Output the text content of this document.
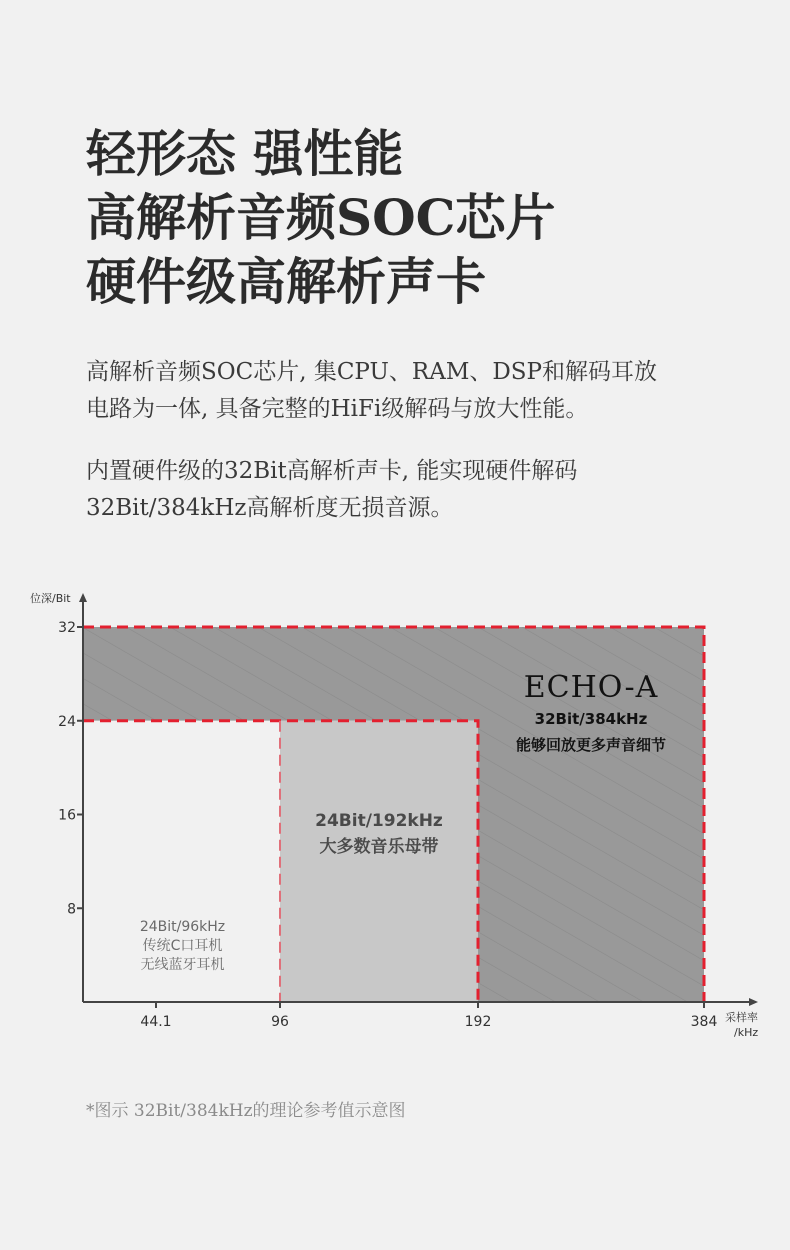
轻形态 强性能
高解析音频SOC芯片
硬件级高解析声卡
高解析音频SOC芯片, 集CPU、RAM、DSP和解码耳放
电路为一体, 具备完整的HiFi级解码与放大性能。
内置硬件级的32Bit高解析声卡, 能实现硬件解码
32Bit/384kHz高解析度无损音源。
32
24
16
8
44.1	96	192	384
位深/Bit
采样率
/kHz
24Bit/96kHz
传统C口耳机
无线蓝牙耳机
24Bit/192kHz
大多数音乐母带
ECHO-A
32Bit/384kHz
能够回放更多声音细节
*图示 32Bit/384kHz的理论参考值示意图
